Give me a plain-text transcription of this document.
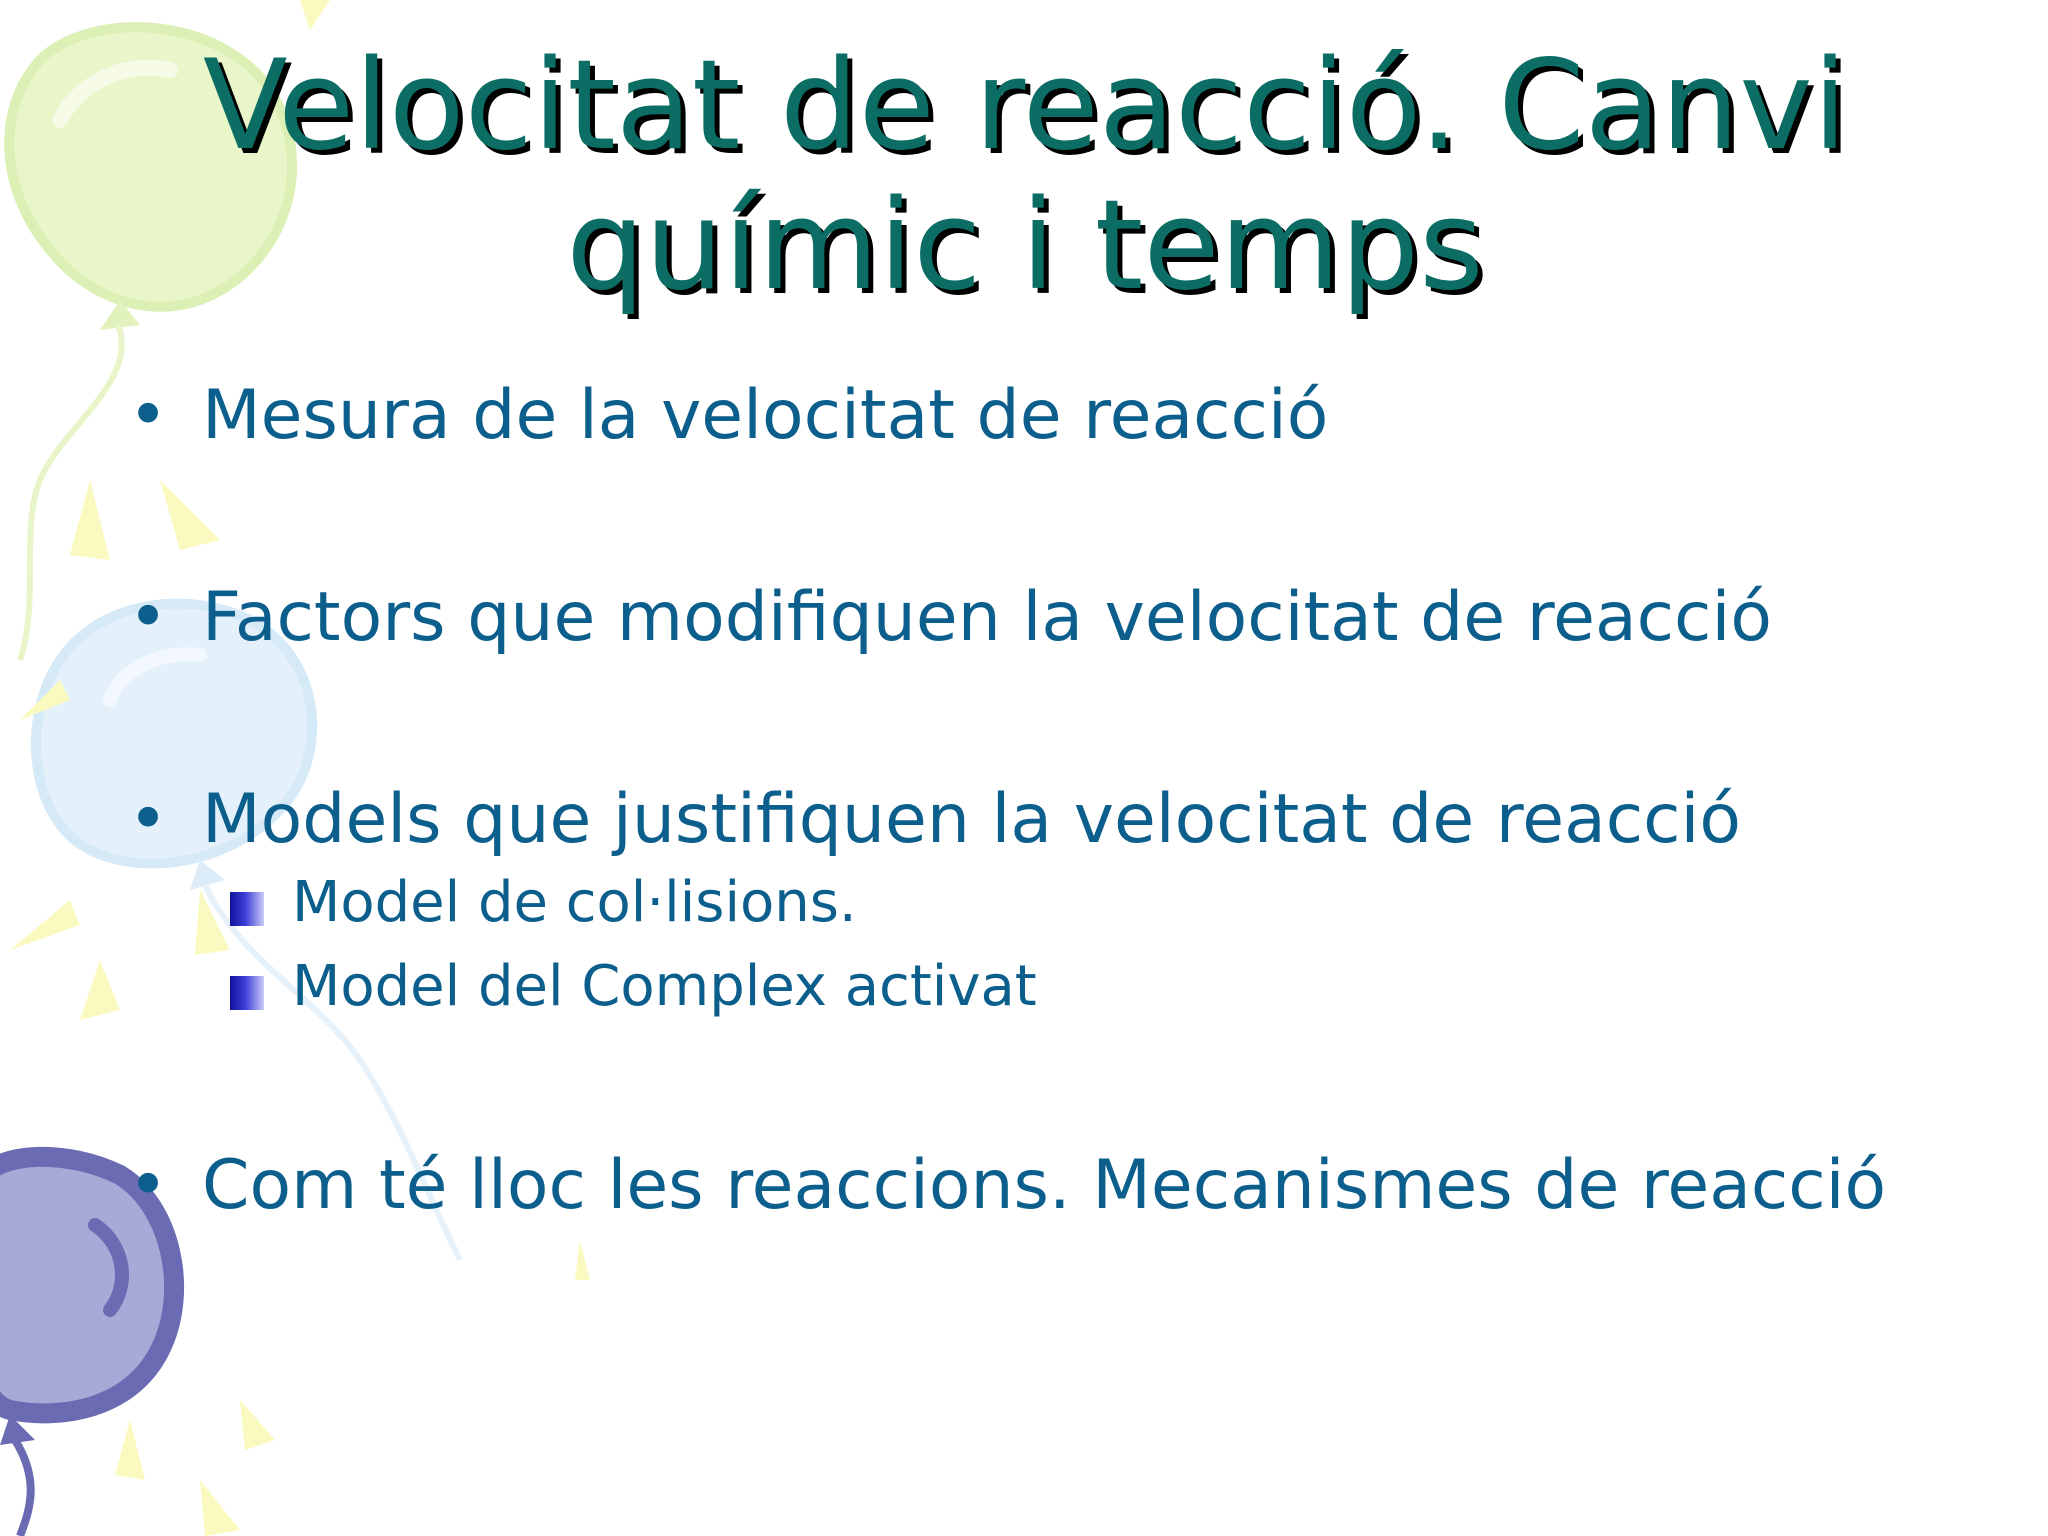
Velocitat de reacció. Canvi
químic i temps
• Mesura de la velocitat de reacció
• Factors que modifiquen la velocitat de reacció
• Models que justifiquen la velocitat de reacció
Model de col·lisions.
Model del Complex activat
• Com té lloc les reaccions. Mecanismes de reacció
